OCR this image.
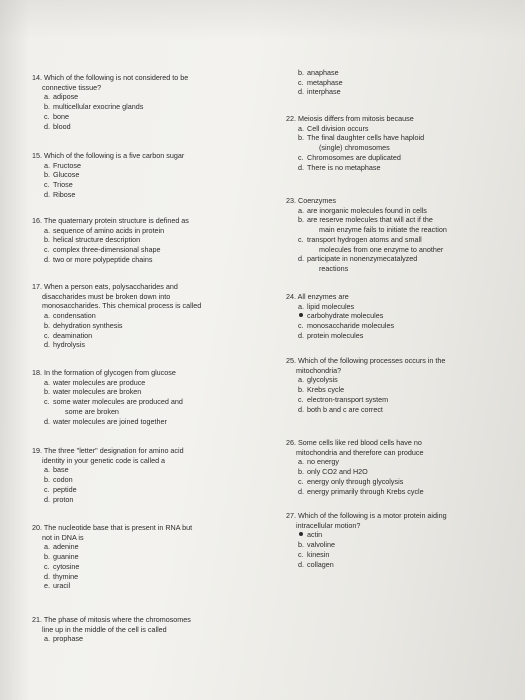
14. Which of the following is not considered to be
connective tissue?
a. adipose
b. multicellular exocrine glands
c. bone
d. blood
15. Which of the following is a five carbon sugar
a. Fructose
b. Glucose
c. Triose
d. Ribose
16. The quaternary protein structure is defined as
a. sequence of amino acids in protein
b. helical structure description
c. complex three-dimensional shape
d. two or more polypeptide chains
17. When a person eats, polysaccharides and
disaccharides must be broken down into
monosaccharides. This chemical process is called
a. condensation
b. dehydration synthesis
c. deamination
d. hydrolysis
18. In the formation of glycogen from glucose
a. water molecules are produce
b. water molecules are broken
c. some water molecules are produced and
some are broken
d. water molecules are joined together
19. The three "letter" designation for amino acid
identity in your genetic code is called a
a. base
b. codon
c. peptide
d. proton
20. The nucleotide base that is present in RNA but
not in DNA is
a. adenine
b. guanine
c. cytosine
d. thymine
e. uracil
21. The phase of mitosis where the chromosomes
line up in the middle of the cell is called
a. prophase
b. anaphase
c. metaphase
d. interphase
22. Meiosis differs from mitosis because
a. Cell division occurs
b. The final daughter cells have haploid
(single) chromosomes
c. Chromosomes are duplicated
d. There is no metaphase
23. Coenzymes
a. are inorganic molecules found in cells
b. are reserve molecules that will act if the
main enzyme fails to initiate the reaction
c. transport hydrogen atoms and small
molecules from one enzyme to another
d. participate in nonenzymecatalyzed
reactions
24. All enzymes are
a. lipid molecules
carbohydrate molecules
c. monosaccharide molecules
d. protein molecules
25. Which of the following processes occurs in the
mitochondria?
a. glycolysis
b. Krebs cycle
c. electron-transport system
d. both b and c are correct
26. Some cells like red blood cells have no
mitochondria and therefore can produce
a. no energy
b. only CO2 and H2O
c. energy only through glycolysis
d. energy primarily through Krebs cycle
27. Which of the following is a motor protein aiding
intracellular motion?
actin
b. valvoline
c. kinesin
d. collagen
